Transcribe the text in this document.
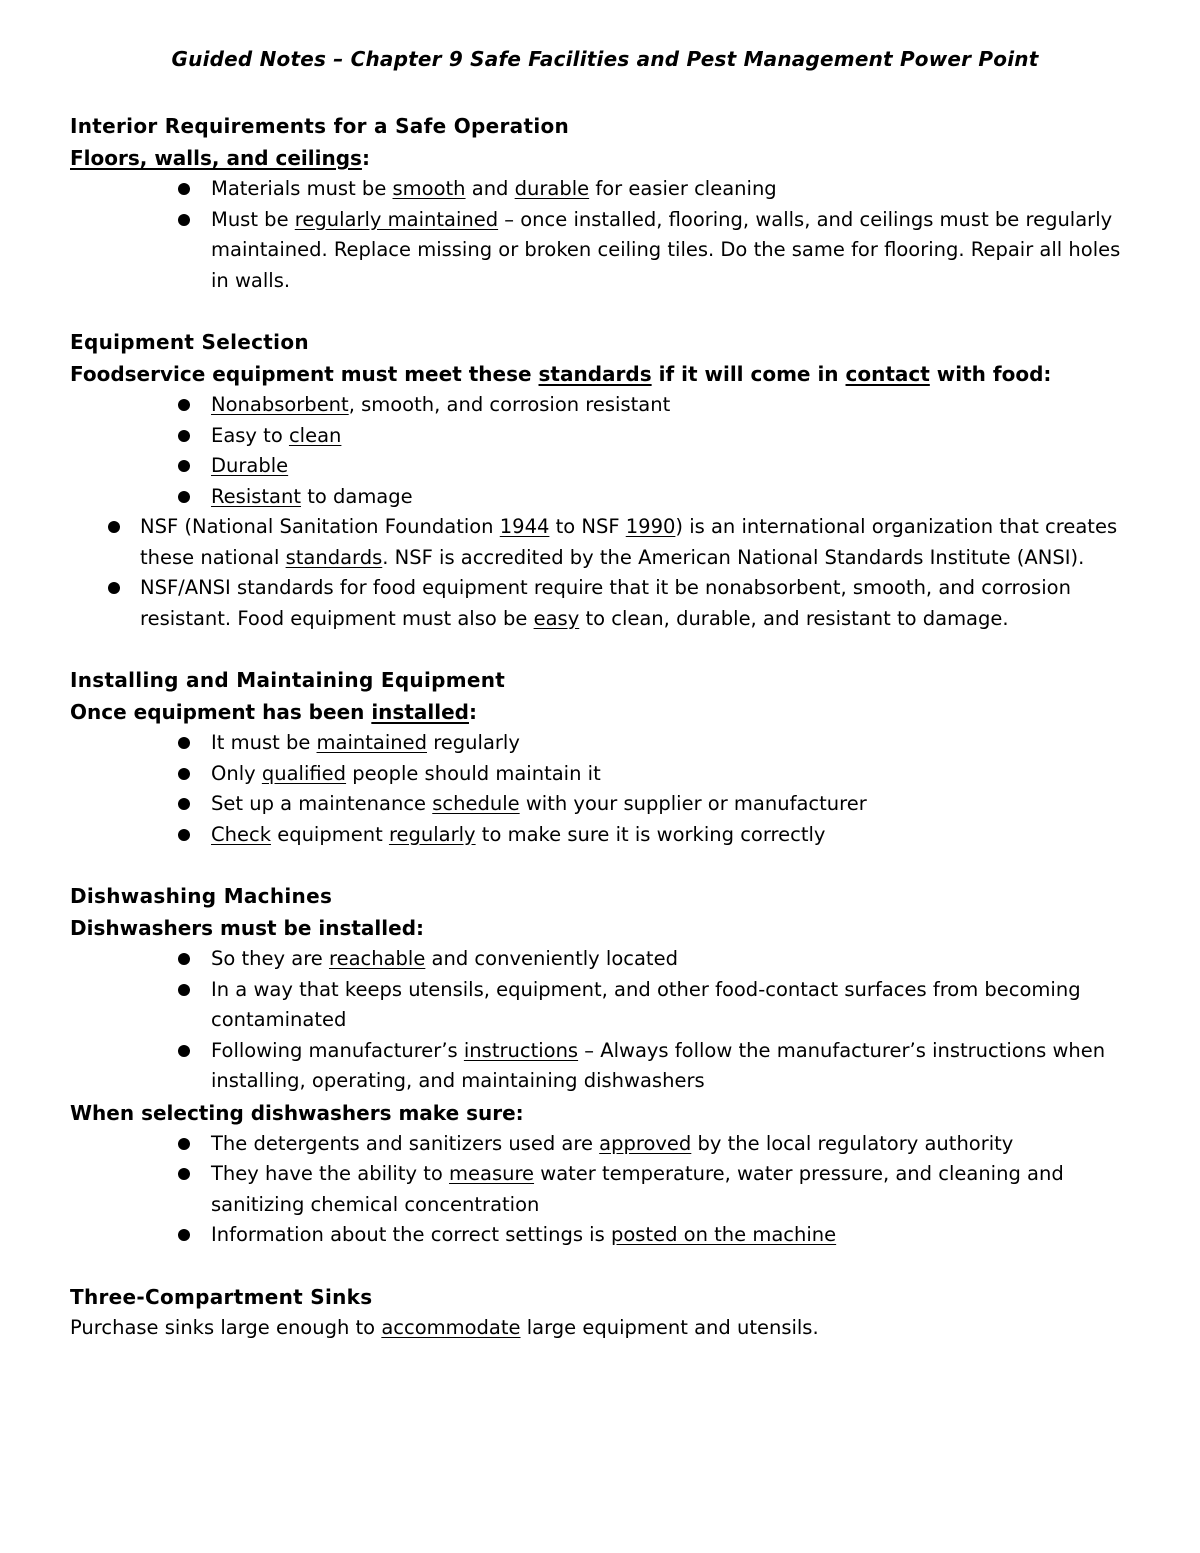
Guided Notes – Chapter 9 Safe Facilities and Pest Management Power Point
Interior Requirements for a Safe Operation
Floors, walls, and ceilings:
Materials must be smooth and durable for easier cleaning
Must be regularly maintained – once installed, flooring, walls, and ceilings must be regularly maintained. Replace missing or broken ceiling tiles. Do the same for flooring. Repair all holes in walls.
Equipment Selection
Foodservice equipment must meet these standards if it will come in contact with food:
Nonabsorbent, smooth, and corrosion resistant
Easy to clean
Durable
Resistant to damage
NSF (National Sanitation Foundation 1944 to NSF 1990) is an international organization that creates these national standards. NSF is accredited by the American National Standards Institute (ANSI).
NSF/ANSI standards for food equipment require that it be nonabsorbent, smooth, and corrosion resistant. Food equipment must also be easy to clean, durable, and resistant to damage.
Installing and Maintaining Equipment
Once equipment has been installed:
It must be maintained regularly
Only qualified people should maintain it
Set up a maintenance schedule with your supplier or manufacturer
Check equipment regularly to make sure it is working correctly
Dishwashing Machines
Dishwashers must be installed:
So they are reachable and conveniently located
In a way that keeps utensils, equipment, and other food-contact surfaces from becoming contaminated
Following manufacturer’s instructions – Always follow the manufacturer’s instructions when installing, operating, and maintaining dishwashers
When selecting dishwashers make sure:
The detergents and sanitizers used are approved by the local regulatory authority
They have the ability to measure water temperature, water pressure, and cleaning and sanitizing chemical concentration
Information about the correct settings is posted on the machine
Three-Compartment Sinks
Purchase sinks large enough to accommodate large equipment and utensils.
